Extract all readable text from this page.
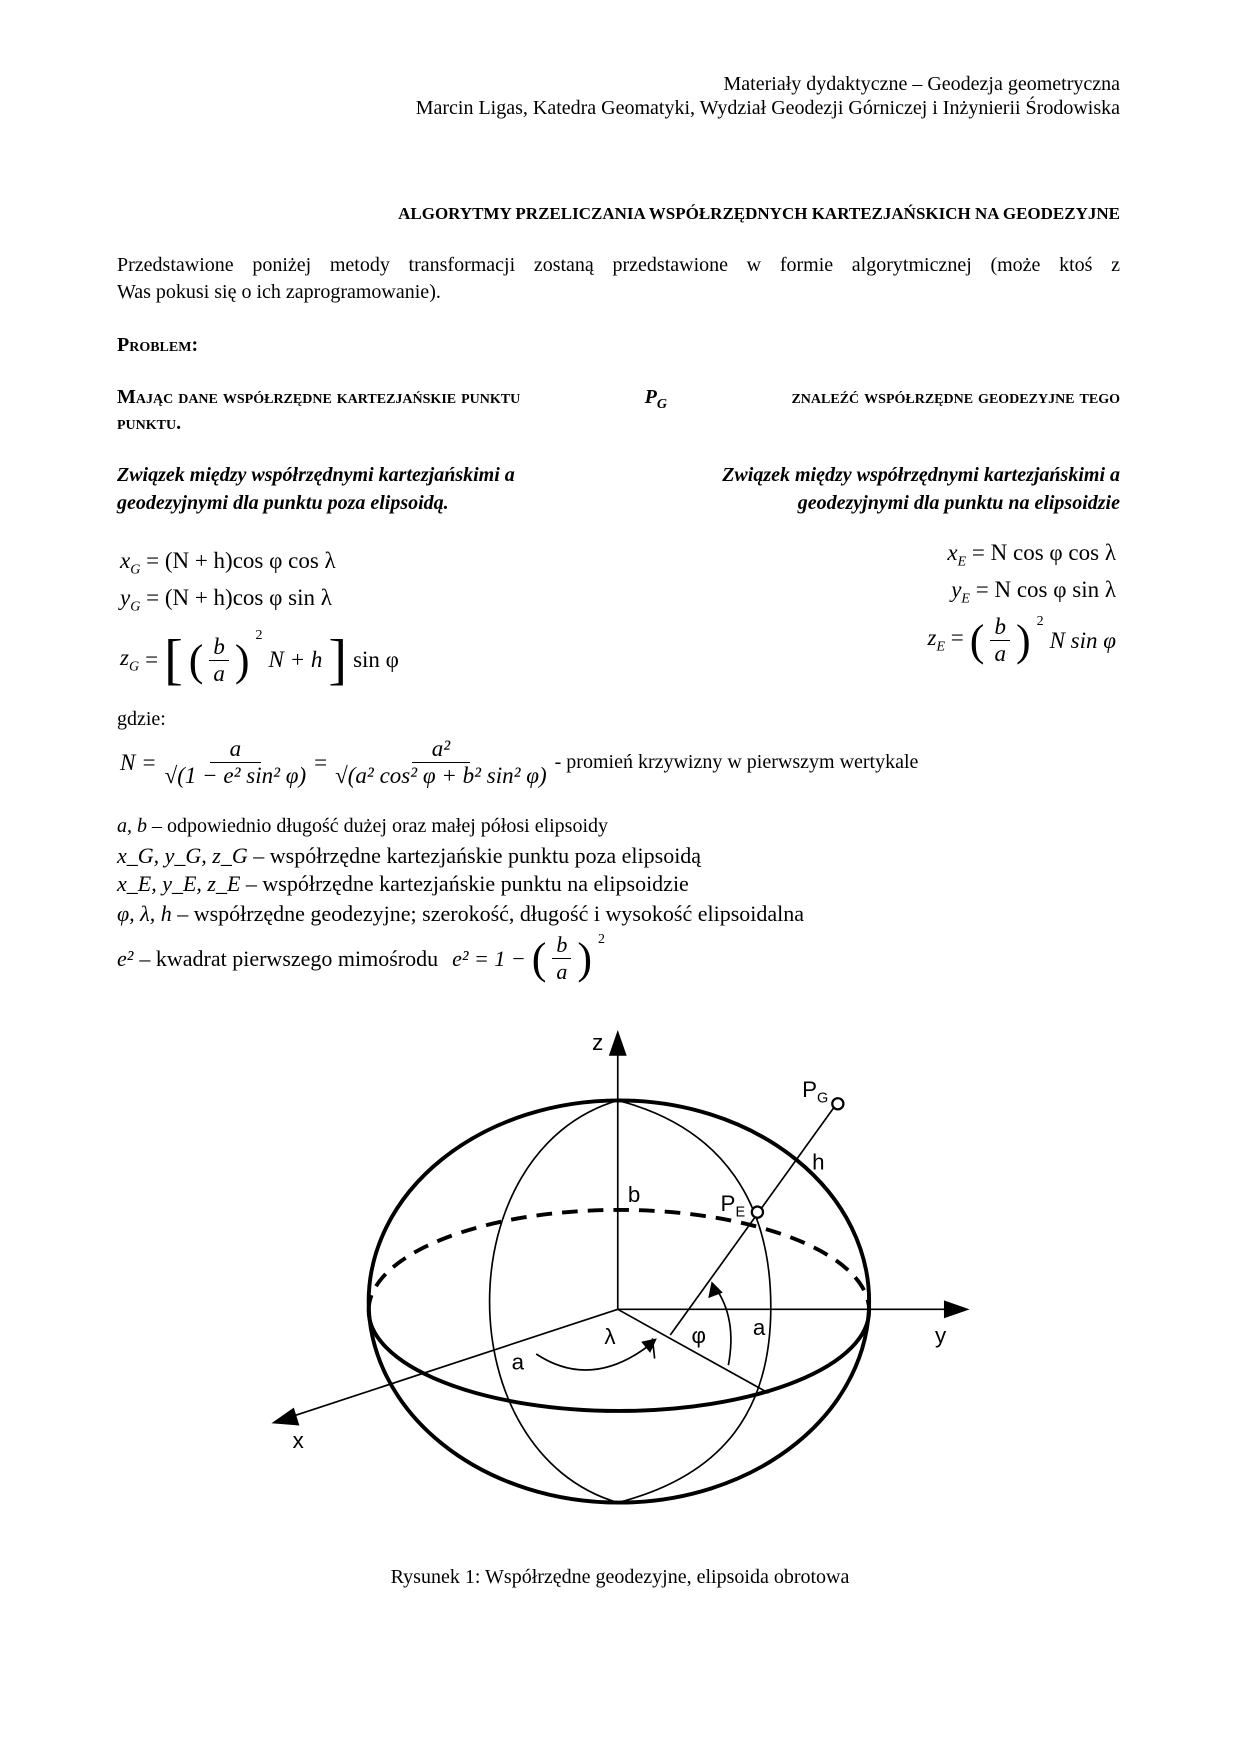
Materiały dydaktyczne – Geodezja geometryczna
Marcin Ligas, Katedra Geomatyki, Wydział Geodezji Górniczej i Inżynierii Środowiska
ALGORYTMY PRZELICZANIA WSPÓŁRZĘDNYCH KARTEZJAŃSKICH NA GEODEZYJNE
Przedstawione poniżej metody transformacji zostaną przedstawione w formie algorytmicznej (może ktoś z
Was pokusi się o ich zaprogramowanie).
Problem:
Mając dane współrzędne kartezjańskie punktu	$P_G$	znaleźć współrzędne geodezyjne tego
punktu.
Związek między współrzędnymi kartezjańskimi a
geodezyjnymi dla punktu poza elipsoidą.
Związek między współrzędnymi kartezjańskimi a
geodezyjnymi dla punktu na elipsoidzie
$x_G = (N + h)\cos$ φ cos λ
$y_G = (N + h)\cos$ φ sin λ
$z_G$ = [ ( $\frac{b}{a}$ ) $^2$
N + h ] sin φ
$x_E = N$ cos φ cos λ
$y_E = N$ cos φ sin λ
$z_E$ = ( $\frac{b}{a}$ ) $^2$
N sin φ
gdzie:
$N = \frac{a}{\text{√(1 − e² sin² φ)}} = \frac{\text{a²}}{\text{√(a² cos² φ + b² sin² φ)}}$ - promień krzywizny w pierwszym wertykale
a, b – odpowiednio długość dużej oraz małej półosi elipsoidy
x_G, y_G, z_G – współrzędne kartezjańskie punktu poza elipsoidą
x_E, y_E, z_E – współrzędne kartezjańskie punktu na elipsoidzie
φ, λ, h – współrzędne geodezyjne; szerokość, długość i wysokość elipsoidalna
e² – kwadrat pierwszego mimośrodu e² = 1 − ( $\frac{b}{a}$ ) $^2$
z
y
x
b
a
a
h
λ	φ
$P_G$
$P_E$
Rysunek 1: Współrzędne geodezyjne, elipsoida obrotowa
